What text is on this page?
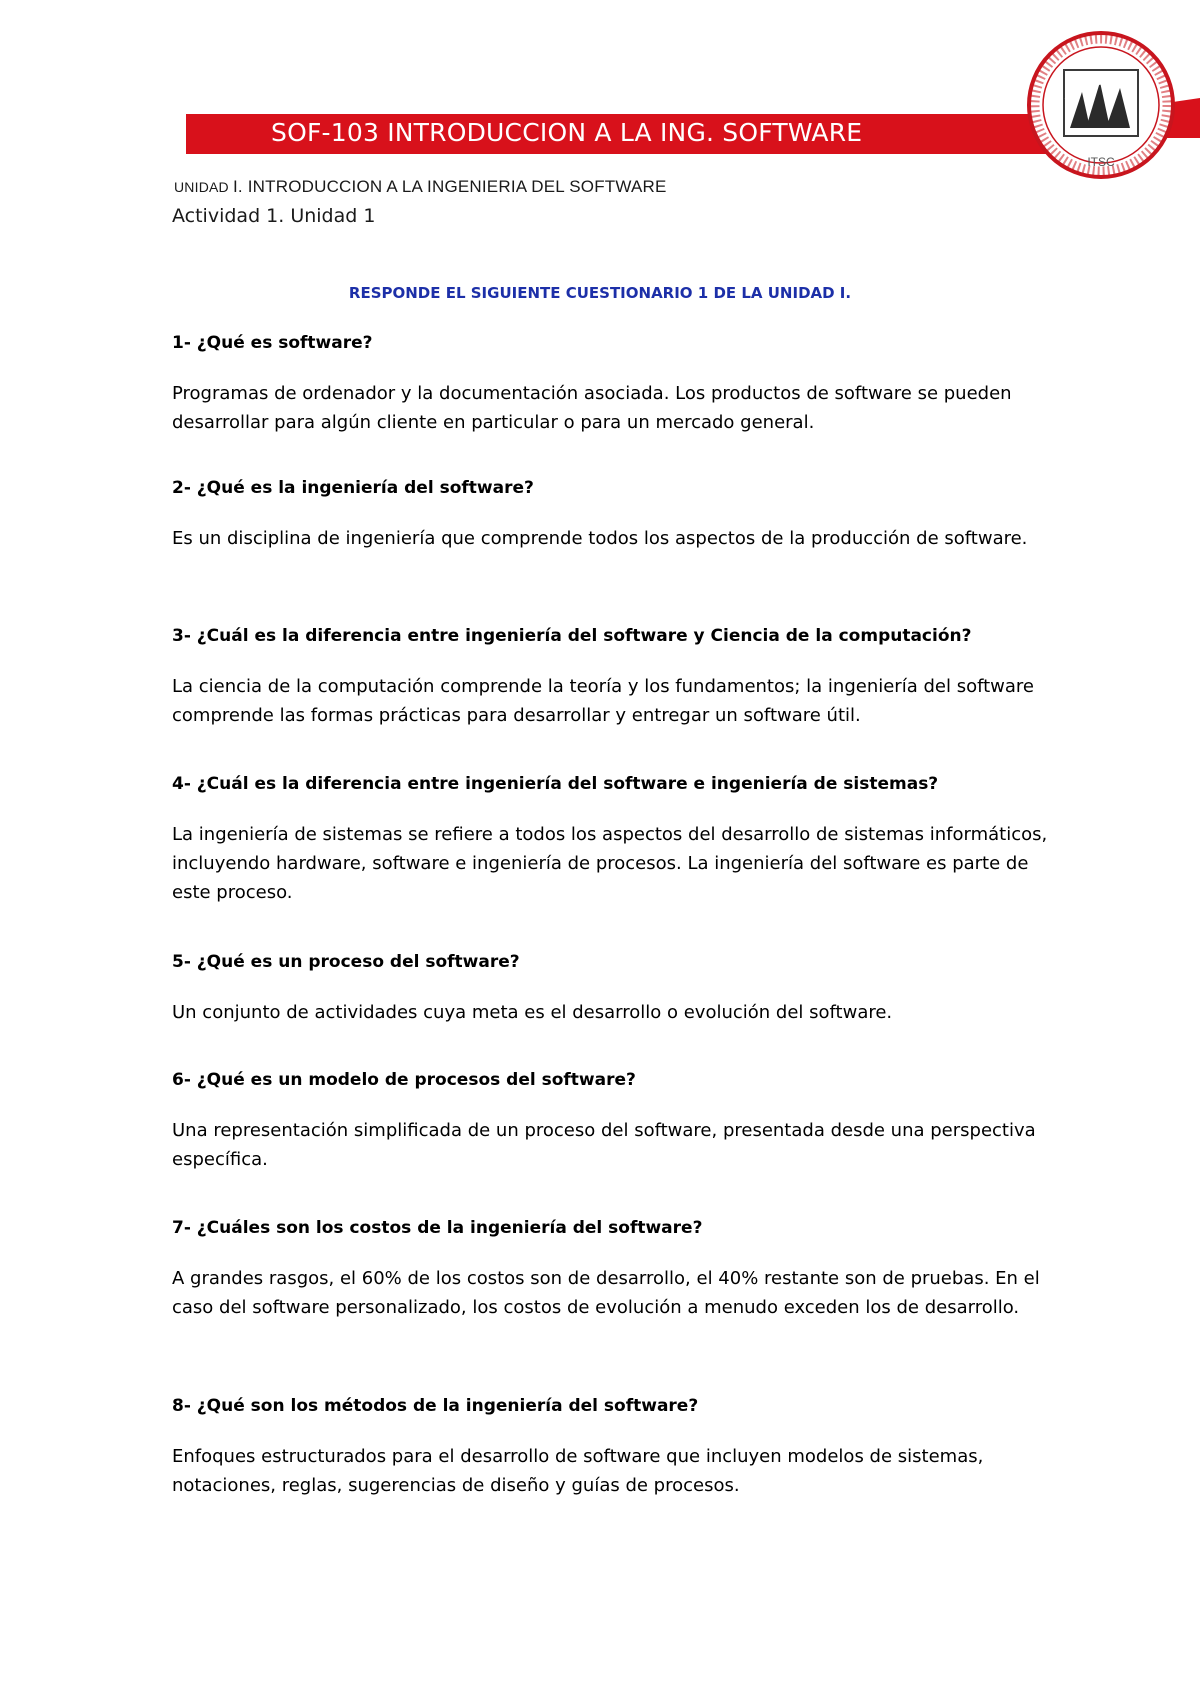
SOF-103 INTRODUCCION A LA ING. SOFTWARE
ITSC
UNIDAD I. INTRODUCCION A LA INGENIERIA DEL SOFTWARE
Actividad 1. Unidad 1
RESPONDE EL SIGUIENTE CUESTIONARIO 1 DE LA UNIDAD I.

1- ¿Qué es software?

Programas de ordenador y la documentación asociada. Los productos de software se pueden desarrollar para algún cliente en particular o para un mercado general.

2- ¿Qué es la ingeniería del software?

Es un disciplina de ingeniería que comprende todos los aspectos de la producción de software.

3- ¿Cuál es la diferencia entre ingeniería del software y Ciencia de la computación?

La ciencia de la computación comprende la teoría y los fundamentos; la ingeniería del software comprende las formas prácticas para desarrollar y entregar un software útil.

4- ¿Cuál es la diferencia entre ingeniería del software e ingeniería de sistemas?

La ingeniería de sistemas se refiere a todos los aspectos del desarrollo de sistemas informáticos, incluyendo hardware, software e ingeniería de procesos. La ingeniería del software es parte de este proceso.

5- ¿Qué es un proceso del software?

Un conjunto de actividades cuya meta es el desarrollo o evolución del software.

6- ¿Qué es un modelo de procesos del software?

Una representación simplificada de un proceso del software, presentada desde una perspectiva específica.

7- ¿Cuáles son los costos de la ingeniería del software?

A grandes rasgos, el 60% de los costos son de desarrollo, el 40% restante son de pruebas. En el caso del software personalizado, los costos de evolución a menudo exceden los de desarrollo.

8- ¿Qué son los métodos de la ingeniería del software?

Enfoques estructurados para el desarrollo de software que incluyen modelos de sistemas, notaciones, reglas, sugerencias de diseño y guías de procesos.
